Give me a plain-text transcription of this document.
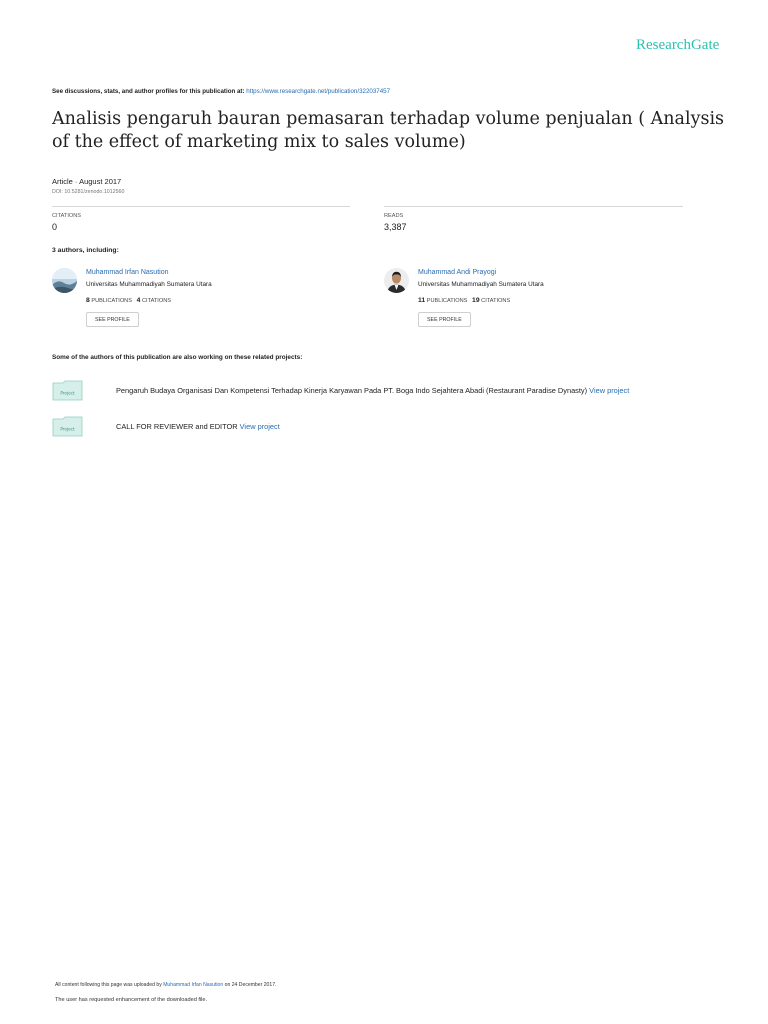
ResearchGate
See discussions, stats, and author profiles for this publication at: https://www.researchgate.net/publication/322037457
Analisis pengaruh bauran pemasaran terhadap volume penjualan ( Analysis of the effect of marketing mix to sales volume)
Article · August 2017
DOI: 10.5281/zenodo.1012560
CITATIONS
0
READS
3,387
3 authors, including:
Muhammad Irfan Nasution
Universitas Muhammadiyah Sumatera Utara
8 PUBLICATIONS 4 CITATIONS
SEE PROFILE
Muhammad Andi Prayogi
Universitas Muhammadiyah Sumatera Utara
11 PUBLICATIONS 19 CITATIONS
SEE PROFILE
Some of the authors of this publication are also working on these related projects:
Project	Pengaruh Budaya Organisasi Dan Kompetensi Terhadap Kinerja Karyawan Pada PT. Boga Indo Sejahtera Abadi (Restaurant Paradise Dynasty) View project
Project	CALL FOR REVIEWER and EDITOR View project
All content following this page was uploaded by Muhammad Irfan Nasution on 24 December 2017.
The user has requested enhancement of the downloaded file.
